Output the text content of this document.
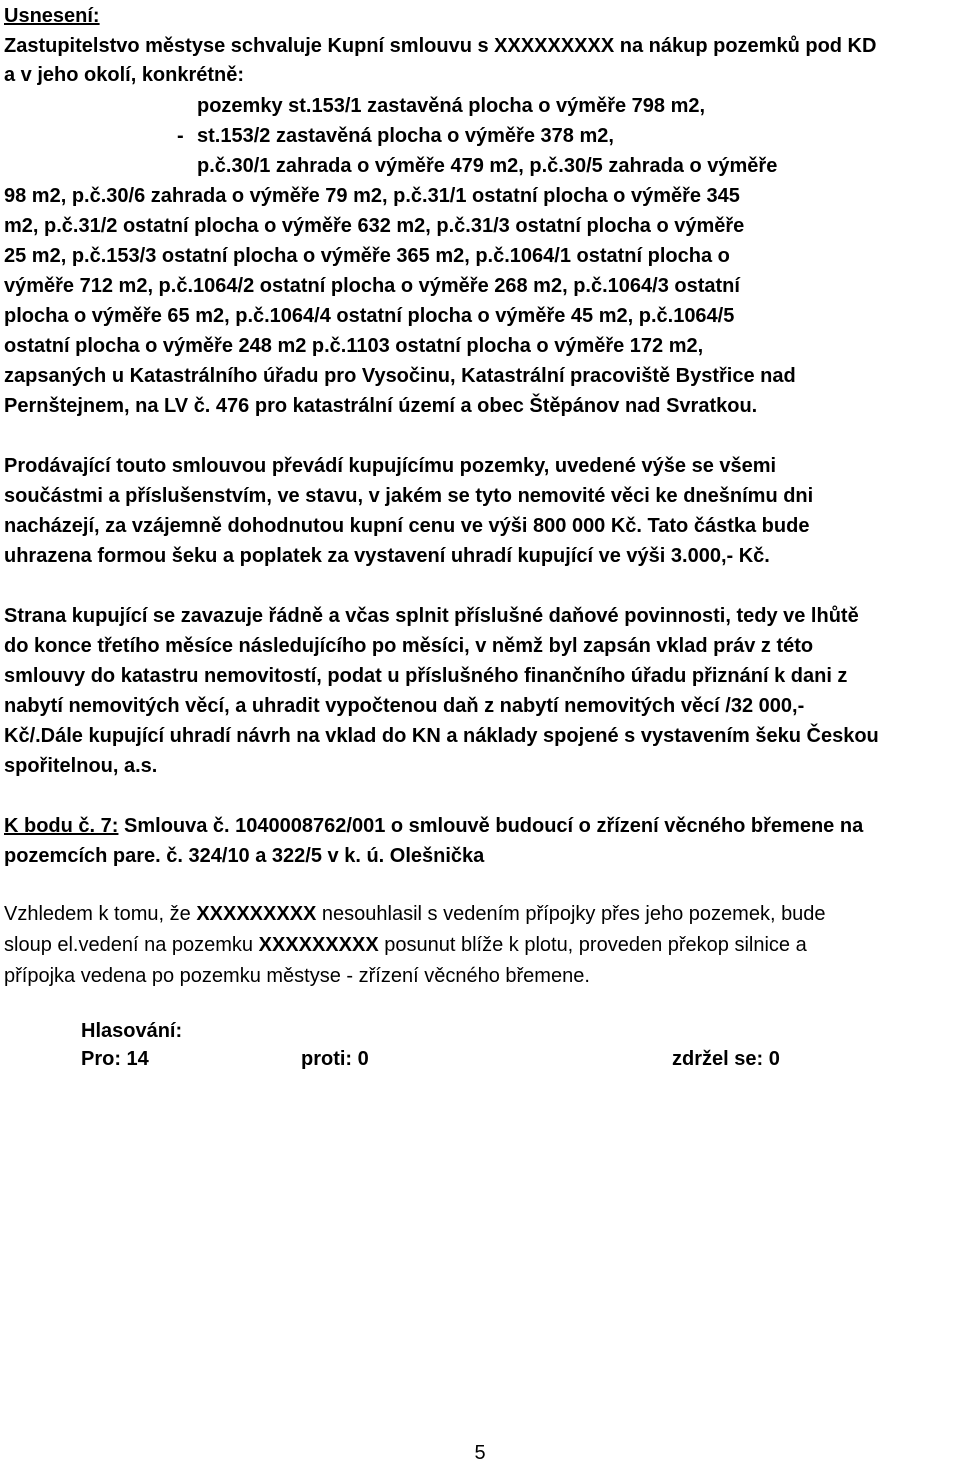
Usnesení:
Zastupitelstvo městyse schvaluje Kupní smlouvu s XXXXXXXXX na nákup pozemků pod KD
a v jeho okolí, konkrétně:
pozemky st.153/1 zastavěná plocha o výměře 798 m2,
- st.153/2 zastavěná plocha o výměře 378 m2,
p.č.30/1 zahrada o výměře 479 m2, p.č.30/5 zahrada o výměře
98 m2, p.č.30/6 zahrada o výměře 79 m2, p.č.31/1 ostatní plocha o výměře 345
m2, p.č.31/2 ostatní plocha o výměře 632 m2, p.č.31/3 ostatní plocha o výměře
25 m2, p.č.153/3 ostatní plocha o výměře 365 m2, p.č.1064/1 ostatní plocha o
výměře 712 m2, p.č.1064/2 ostatní plocha o výměře 268 m2, p.č.1064/3 ostatní
plocha o výměře 65 m2, p.č.1064/4 ostatní plocha o výměře 45 m2, p.č.1064/5
ostatní plocha o výměře 248 m2 p.č.1103 ostatní plocha o výměře 172 m2,
zapsaných u Katastrálního úřadu pro Vysočinu, Katastrální pracoviště Bystřice nad
Pernštejnem, na LV č. 476 pro katastrální území a obec Štěpánov nad Svratkou.
Prodávající touto smlouvou převádí kupujícímu pozemky, uvedené výše se všemi
součástmi a příslušenstvím, ve stavu, v jakém se tyto nemovité věci ke dnešnímu dni
nacházejí, za vzájemně dohodnutou kupní cenu ve výši 800 000 Kč. Tato částka bude
uhrazena formou šeku a poplatek za vystavení uhradí kupující ve výši 3.000,- Kč.
Strana kupující se zavazuje řádně a včas splnit příslušné daňové povinnosti, tedy ve lhůtě
do konce třetího měsíce následujícího po měsíci, v němž byl zapsán vklad práv z této
smlouvy do katastru nemovitostí, podat u příslušného finančního úřadu přiznání k dani z
nabytí nemovitých věcí, a uhradit vypočtenou daň z nabytí nemovitých věcí /32 000,-
Kč/.Dále kupující uhradí návrh na vklad do KN a náklady spojené s vystavením šeku Českou
spořitelnou, a.s.
K bodu č. 7: Smlouva č. 1040008762/001 o smlouvě budoucí o zřízení věcného břemene na
pozemcích pare. č. 324/10 a 322/5 v k. ú. Olešnička
Vzhledem k tomu, že XXXXXXXXX nesouhlasil s vedením přípojky přes jeho pozemek, bude
sloup el.vedení na pozemku XXXXXXXXX posunut blíže k plotu, proveden překop silnice a
přípojka vedena po pozemku městyse - zřízení věcného břemene.
Hlasování:
Pro: 14	proti: 0	zdržel se: 0
5
